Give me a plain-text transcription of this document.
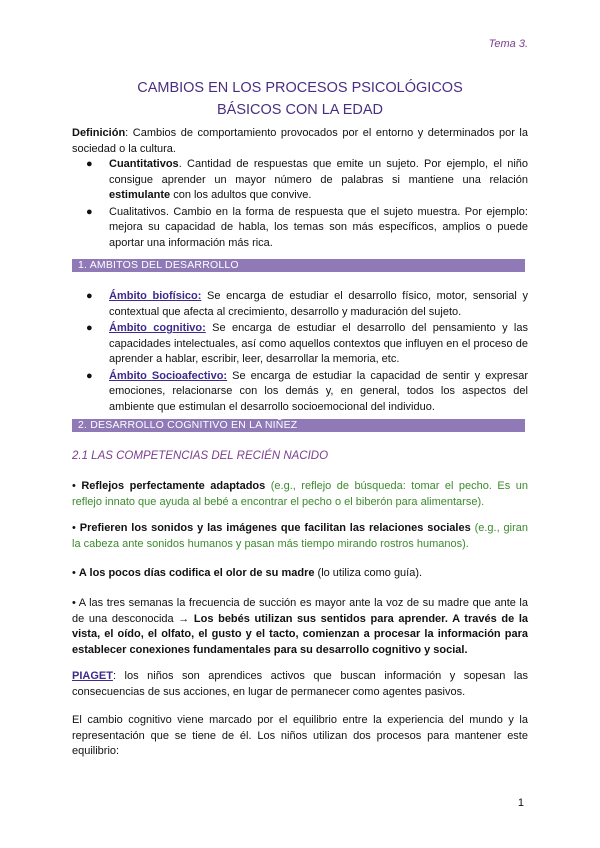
Tema 3.
CAMBIOS EN LOS PROCESOS PSICOLÓGICOS
BÁSICOS CON LA EDAD
Definición: Cambios de comportamiento provocados por el entorno y determinados por la sociedad o la cultura.
● Cuantitativos. Cantidad de respuestas que emite un sujeto. Por ejemplo, el niño consigue aprender un mayor número de palabras si mantiene una relación estimulante con los adultos que convive.
● Cualitativos. Cambio en la forma de respuesta que el sujeto muestra. Por ejemplo: mejora su capacidad de habla, los temas son más específicos, amplios o puede aportar una información más rica.
1. AMBITOS DEL DESARROLLO
● Ámbito biofísico: Se encarga de estudiar el desarrollo físico, motor, sensorial y contextual que afecta al crecimiento, desarrollo y maduración del sujeto.
● Ámbito cognitivo: Se encarga de estudiar el desarrollo del pensamiento y las capacidades intelectuales, así como aquellos contextos que influyen en el proceso de aprender a hablar, escribir, leer, desarrollar la memoria, etc.
● Ámbito Socioafectivo: Se encarga de estudiar la capacidad de sentir y expresar emociones, relacionarse con los demás y, en general, todos los aspectos del ambiente que estimulan el desarrollo socioemocional del individuo.
2. DESARROLLO COGNITIVO EN LA NIÑEZ
2.1 LAS COMPETENCIAS DEL RECIÉN NACIDO
• Reflejos perfectamente adaptados (e.g., reflejo de búsqueda: tomar el pecho. Es un reflejo innato que ayuda al bebé a encontrar el pecho o el biberón para alimentarse).
• Prefieren los sonidos y las imágenes que facilitan las relaciones sociales (e.g., giran la cabeza ante sonidos humanos y pasan más tiempo mirando rostros humanos).
• A los pocos días codifica el olor de su madre (lo utiliza como guía).
• A las tres semanas la frecuencia de succión es mayor ante la voz de su madre que ante la de una desconocida → Los bebés utilizan sus sentidos para aprender. A través de la vista, el oído, el olfato, el gusto y el tacto, comienzan a procesar la información para establecer conexiones fundamentales para su desarrollo cognitivo y social.
PIAGET: los niños son aprendices activos que buscan información y sopesan las consecuencias de sus acciones, en lugar de permanecer como agentes pasivos.
El cambio cognitivo viene marcado por el equilibrio entre la experiencia del mundo y la representación que se tiene de él. Los niños utilizan dos procesos para mantener este equilibrio:
1
